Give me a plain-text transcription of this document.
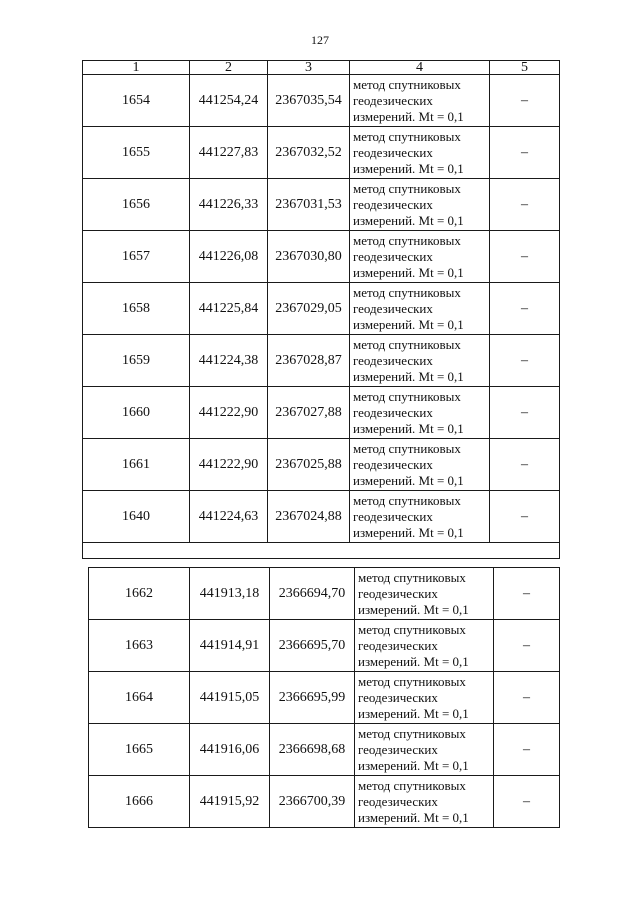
127
1	2	3	4	5
1654	441254,24	2367035,54	метод спутниковых
геодезических
измерений. Mt = 0,1	–
1655	441227,83	2367032,52	метод спутниковых
геодезических
измерений. Mt = 0,1	–
1656	441226,33	2367031,53	метод спутниковых
геодезических
измерений. Mt = 0,1	–
1657	441226,08	2367030,80	метод спутниковых
геодезических
измерений. Mt = 0,1	–
1658	441225,84	2367029,05	метод спутниковых
геодезических
измерений. Mt = 0,1	–
1659	441224,38	2367028,87	метод спутниковых
геодезических
измерений. Mt = 0,1	–
1660	441222,90	2367027,88	метод спутниковых
геодезических
измерений. Mt = 0,1	–
1661	441222,90	2367025,88	метод спутниковых
геодезических
измерений. Mt = 0,1	–
1640	441224,63	2367024,88	метод спутниковых
геодезических
измерений. Mt = 0,1	–

1662	441913,18	2366694,70	метод спутниковых
геодезических
измерений. Mt = 0,1	–
1663	441914,91	2366695,70	метод спутниковых
геодезических
измерений. Mt = 0,1	–
1664	441915,05	2366695,99	метод спутниковых
геодезических
измерений. Mt = 0,1	–
1665	441916,06	2366698,68	метод спутниковых
геодезических
измерений. Mt = 0,1	–
1666	441915,92	2366700,39	метод спутниковых
геодезических
измерений. Mt = 0,1	–
